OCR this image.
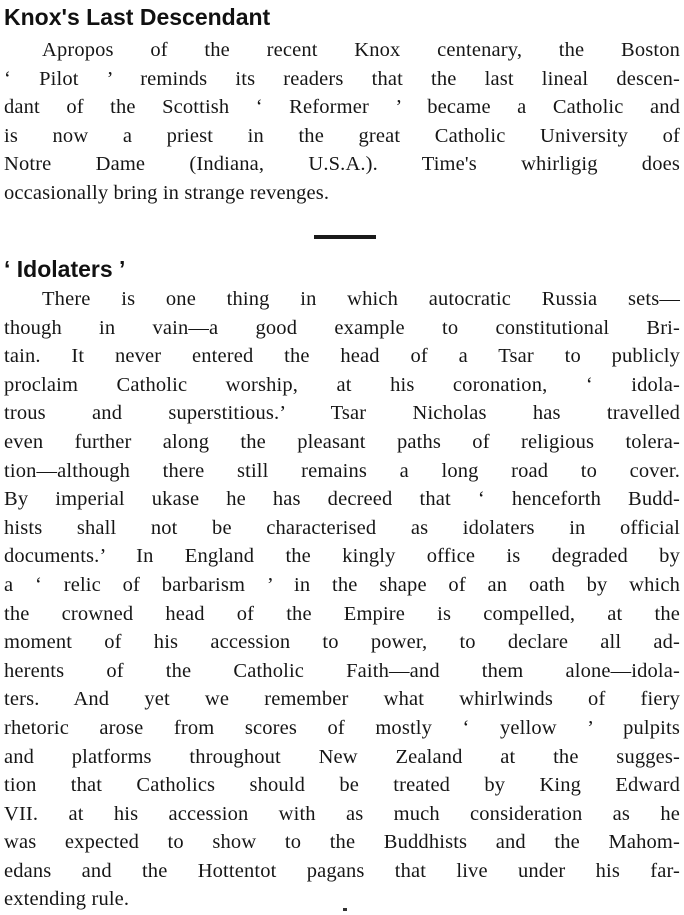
Knox's Last Descendant
Apropos of the recent Knox centenary, the Boston
‘ Pilot ’ reminds its readers that the last lineal descen-
dant of the Scottish ‘ Reformer ’ became a Catholic and
is now a priest in the great Catholic University of
Notre Dame (Indiana, U.S.A.). Time's whirligig does
occasionally bring in strange revenges.
‘ Idolaters ’
There is one thing in which autocratic Russia sets—
though in vain—a good example to constitutional Bri-
tain. It never entered the head of a Tsar to publicly
proclaim Catholic worship, at his coronation, ‘ idola-
trous and superstitious.’ Tsar Nicholas has travelled
even further along the pleasant paths of religious tolera-
tion—although there still remains a long road to cover.
By imperial ukase he has decreed that ‘ henceforth Budd-
hists shall not be characterised as idolaters in official
documents.’ In England the kingly office is degraded by
a ‘ relic of barbarism ’ in the shape of an oath by which
the crowned head of the Empire is compelled, at the
moment of his accession to power, to declare all ad-
herents of the Catholic Faith—and them alone—idola-
ters. And yet we remember what whirlwinds of fiery
rhetoric arose from scores of mostly ‘ yellow ’ pulpits
and platforms throughout New Zealand at the sugges-
tion that Catholics should be treated by King Edward
VII. at his accession with as much consideration as he
was expected to show to the Buddhists and the Mahom-
edans and the Hottentot pagans that live under his far-
extending rule.
